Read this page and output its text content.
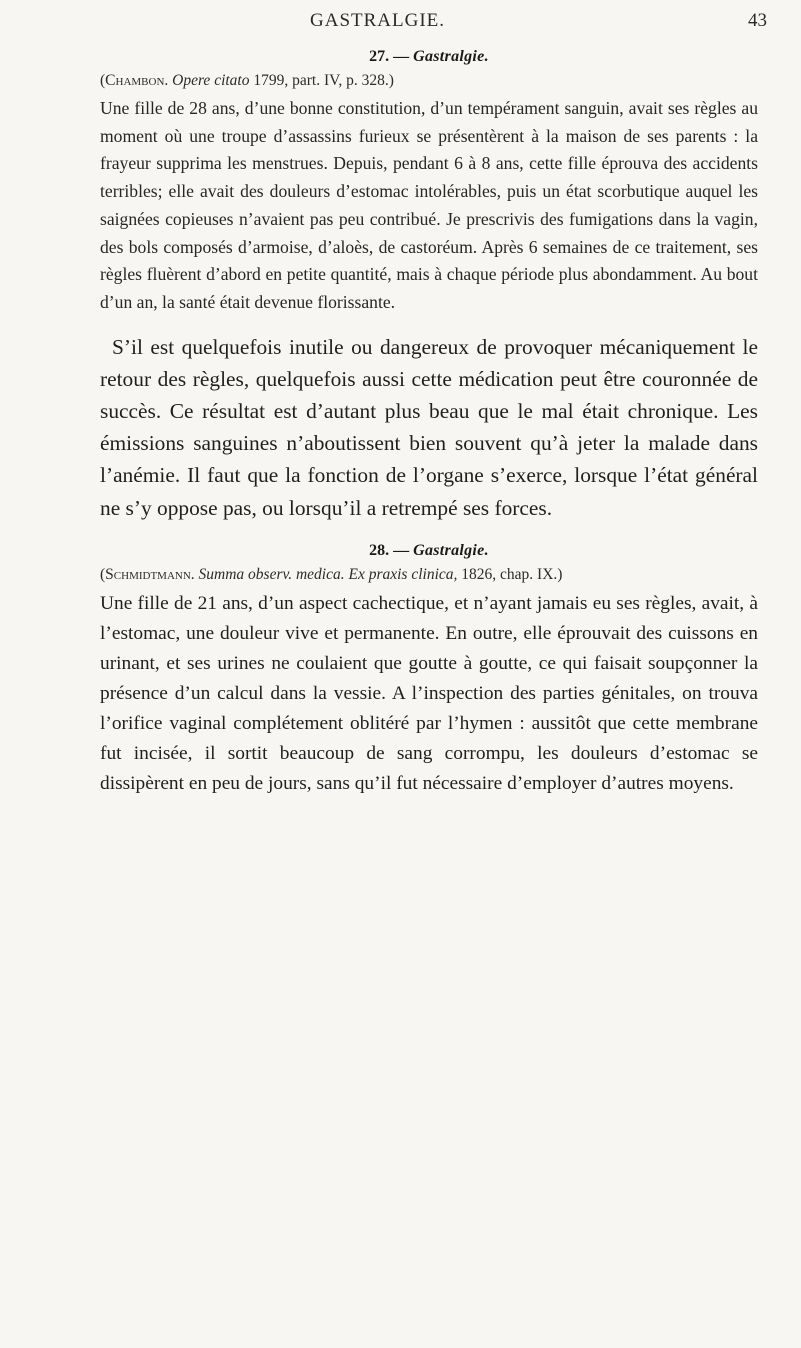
GASTRALGIE.	43
27. — Gastralgie.

(Chambon. Opere citato 1799, part. IV, p. 328.)

Une fille de 28 ans, d’une bonne constitution, d’un tempérament sanguin, avait ses règles au moment où une troupe d’assassins furieux se présentèrent à la maison de ses parents : la frayeur supprima les menstrues. Depuis, pendant 6 à 8 ans, cette fille éprouva des accidents terribles; elle avait des douleurs d’estomac intolérables, puis un état scorbutique auquel les saignées copieuses n’avaient pas peu contribué. Je prescrivis des fumigations dans la vagin, des bols composés d’armoise, d’aloès, de castoréum. Après 6 semaines de ce traitement, ses règles fluèrent d’abord en petite quantité, mais à chaque période plus abondamment. Au bout d’un an, la santé était devenue florissante.

S’il est quelquefois inutile ou dangereux de provoquer mécaniquement le retour des règles, quelquefois aussi cette médication peut être couronnée de succès. Ce résultat est d’autant plus beau que le mal était chronique. Les émissions sanguines n’aboutissent bien souvent qu’à jeter la malade dans l’anémie. Il faut que la fonction de l’organe s’exerce, lorsque l’état général ne s’y oppose pas, ou lorsqu’il a retrempé ses forces.

28. — Gastralgie.

(Schmidtmann. Summa observ. medica. Ex praxis clinica, 1826, chap. IX.)

Une fille de 21 ans, d’un aspect cachectique, et n’ayant jamais eu ses règles, avait, à l’estomac, une douleur vive et permanente. En outre, elle éprouvait des cuissons en urinant, et ses urines ne coulaient que goutte à goutte, ce qui faisait soupçonner la présence d’un calcul dans la vessie. A l’inspection des parties génitales, on trouva l’orifice vaginal complétement oblitéré par l’hymen : aussitôt que cette membrane fut incisée, il sortit beaucoup de sang corrompu, les douleurs d’estomac se dissipèrent en peu de jours, sans qu’il fut nécessaire d’employer d’autres moyens.
